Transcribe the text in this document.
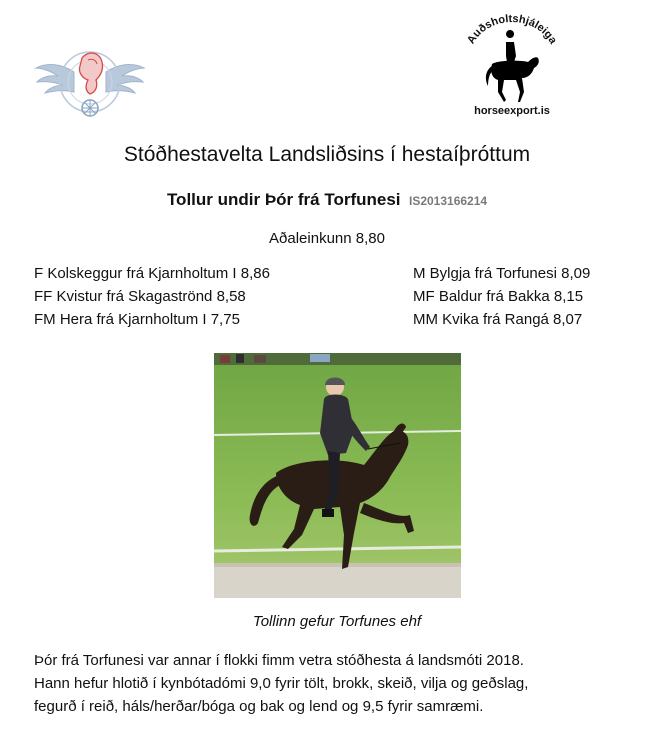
Auðsholtshjáleiga
horseexport.is
Stóðhestavelta Landsliðsins í hestaíþróttum
Tollur undir Þór frá Torfunesi IS2013166214
Aðaleinkunn 8,80
F Kolskeggur frá Kjarnholtum I 8,86
FF Kvistur frá Skagaströnd 8,58
FM Hera frá Kjarnholtum I 7,75
M Bylgja frá Torfunesi 8,09
MF Baldur frá Bakka 8,15
MM Kvika frá Rangá 8,07
Tollinn gefur Torfunes ehf
Þór frá Torfunesi var annar í flokki fimm vetra stóðhesta á landsmóti 2018.
Hann hefur hlotið í kynbótadómi 9,0 fyrir tölt, brokk, skeið, vilja og geðslag,
fegurð í reið, háls/herðar/bóga og bak og lend og 9,5 fyrir samræmi.
